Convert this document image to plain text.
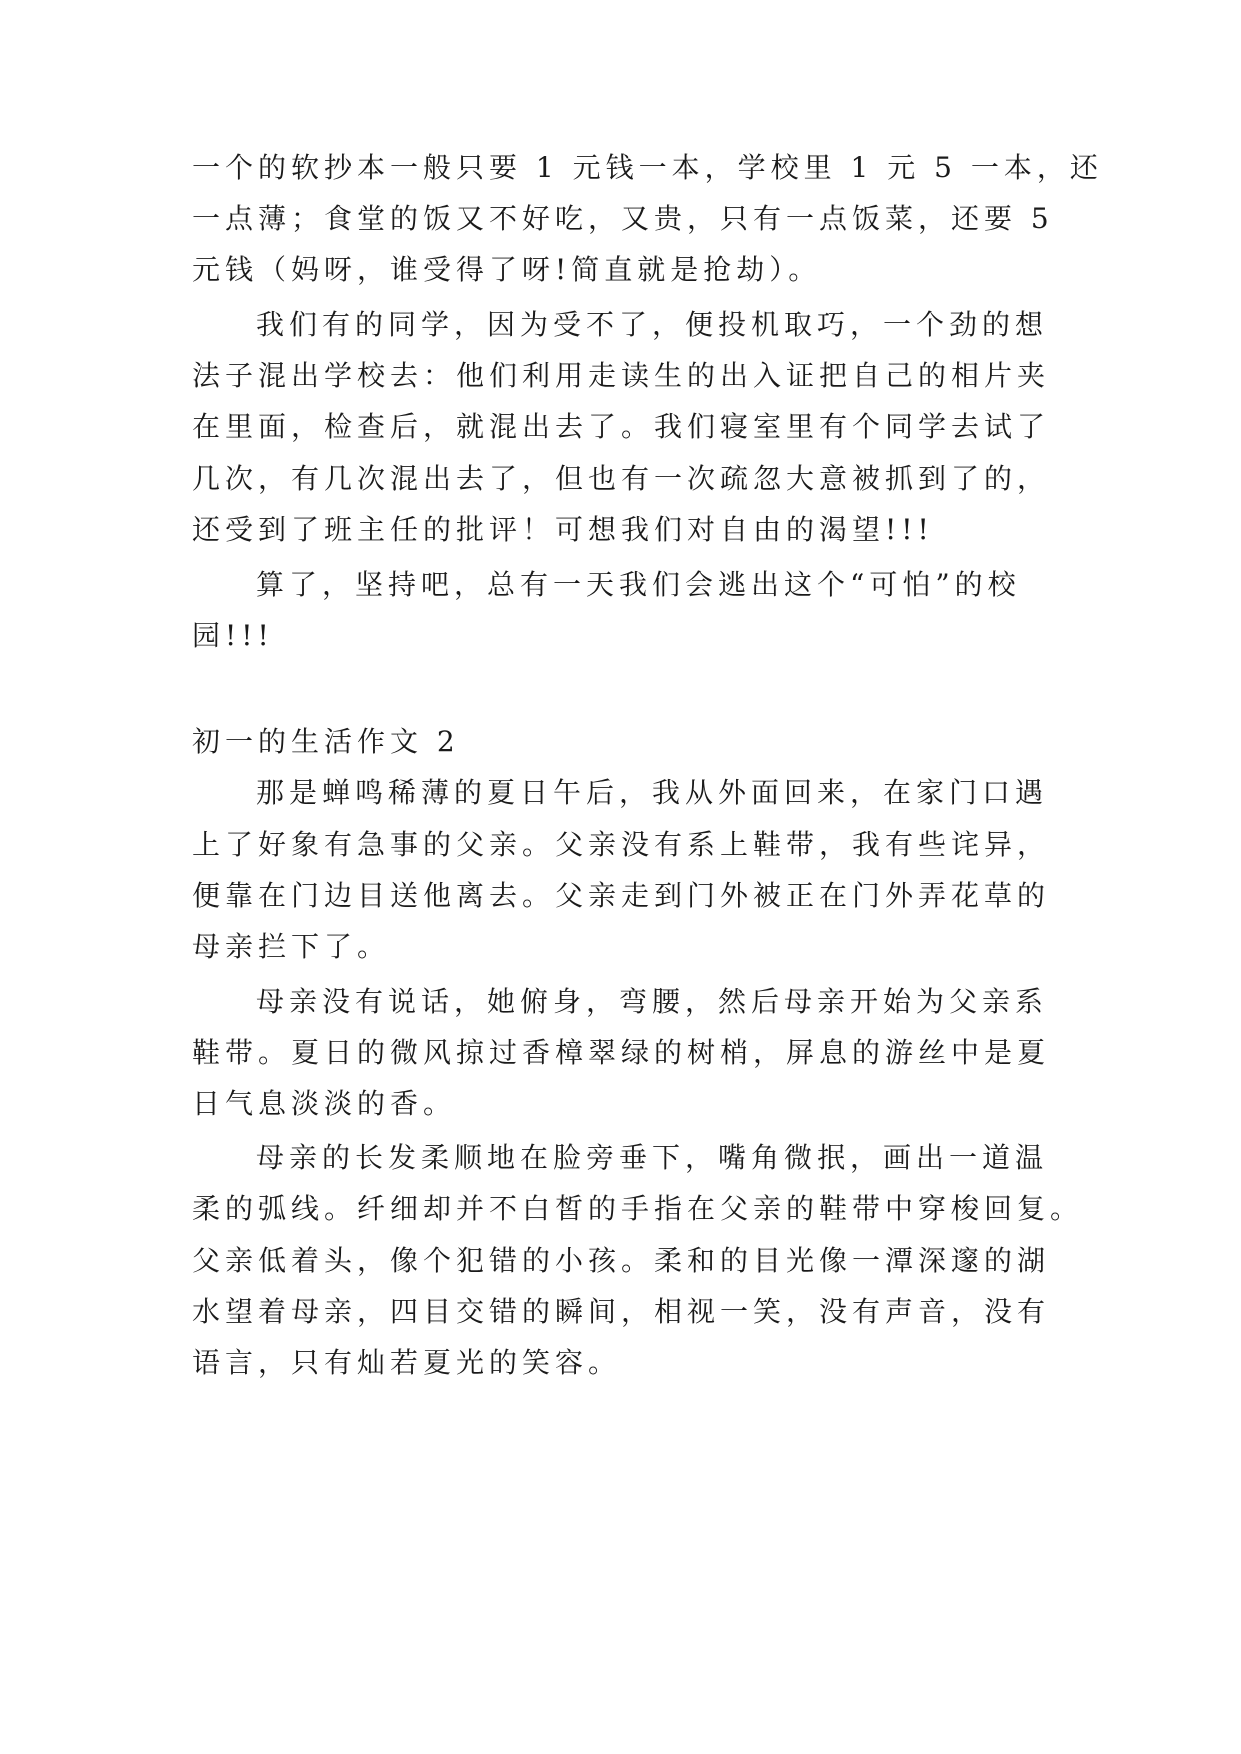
一个的软抄本一般只要 1 元钱一本，学校里 1 元 5 一本，还
一点薄；食堂的饭又不好吃，又贵，只有一点饭菜，还要 5
元钱（妈呀，谁受得了呀!简直就是抢劫）。
我们有的同学，因为受不了，便投机取巧，一个劲的想
法子混出学校去：他们利用走读生的出入证把自己的相片夹
在里面，检查后，就混出去了。我们寝室里有个同学去试了
几次，有几次混出去了，但也有一次疏忽大意被抓到了的，
还受到了班主任的批评！可想我们对自由的渴望!!!
算了，坚持吧，总有一天我们会逃出这个“可怕”的校
园!!!
初一的生活作文 2
那是蝉鸣稀薄的夏日午后，我从外面回来，在家门口遇
上了好象有急事的父亲。父亲没有系上鞋带，我有些诧异，
便靠在门边目送他离去。父亲走到门外被正在门外弄花草的
母亲拦下了。
母亲没有说话，她俯身，弯腰，然后母亲开始为父亲系
鞋带。夏日的微风掠过香樟翠绿的树梢，屏息的游丝中是夏
日气息淡淡的香。
母亲的长发柔顺地在脸旁垂下，嘴角微抿，画出一道温
柔的弧线。纤细却并不白皙的手指在父亲的鞋带中穿梭回复。
父亲低着头，像个犯错的小孩。柔和的目光像一潭深邃的湖
水望着母亲，四目交错的瞬间，相视一笑，没有声音，没有
语言，只有灿若夏光的笑容。
